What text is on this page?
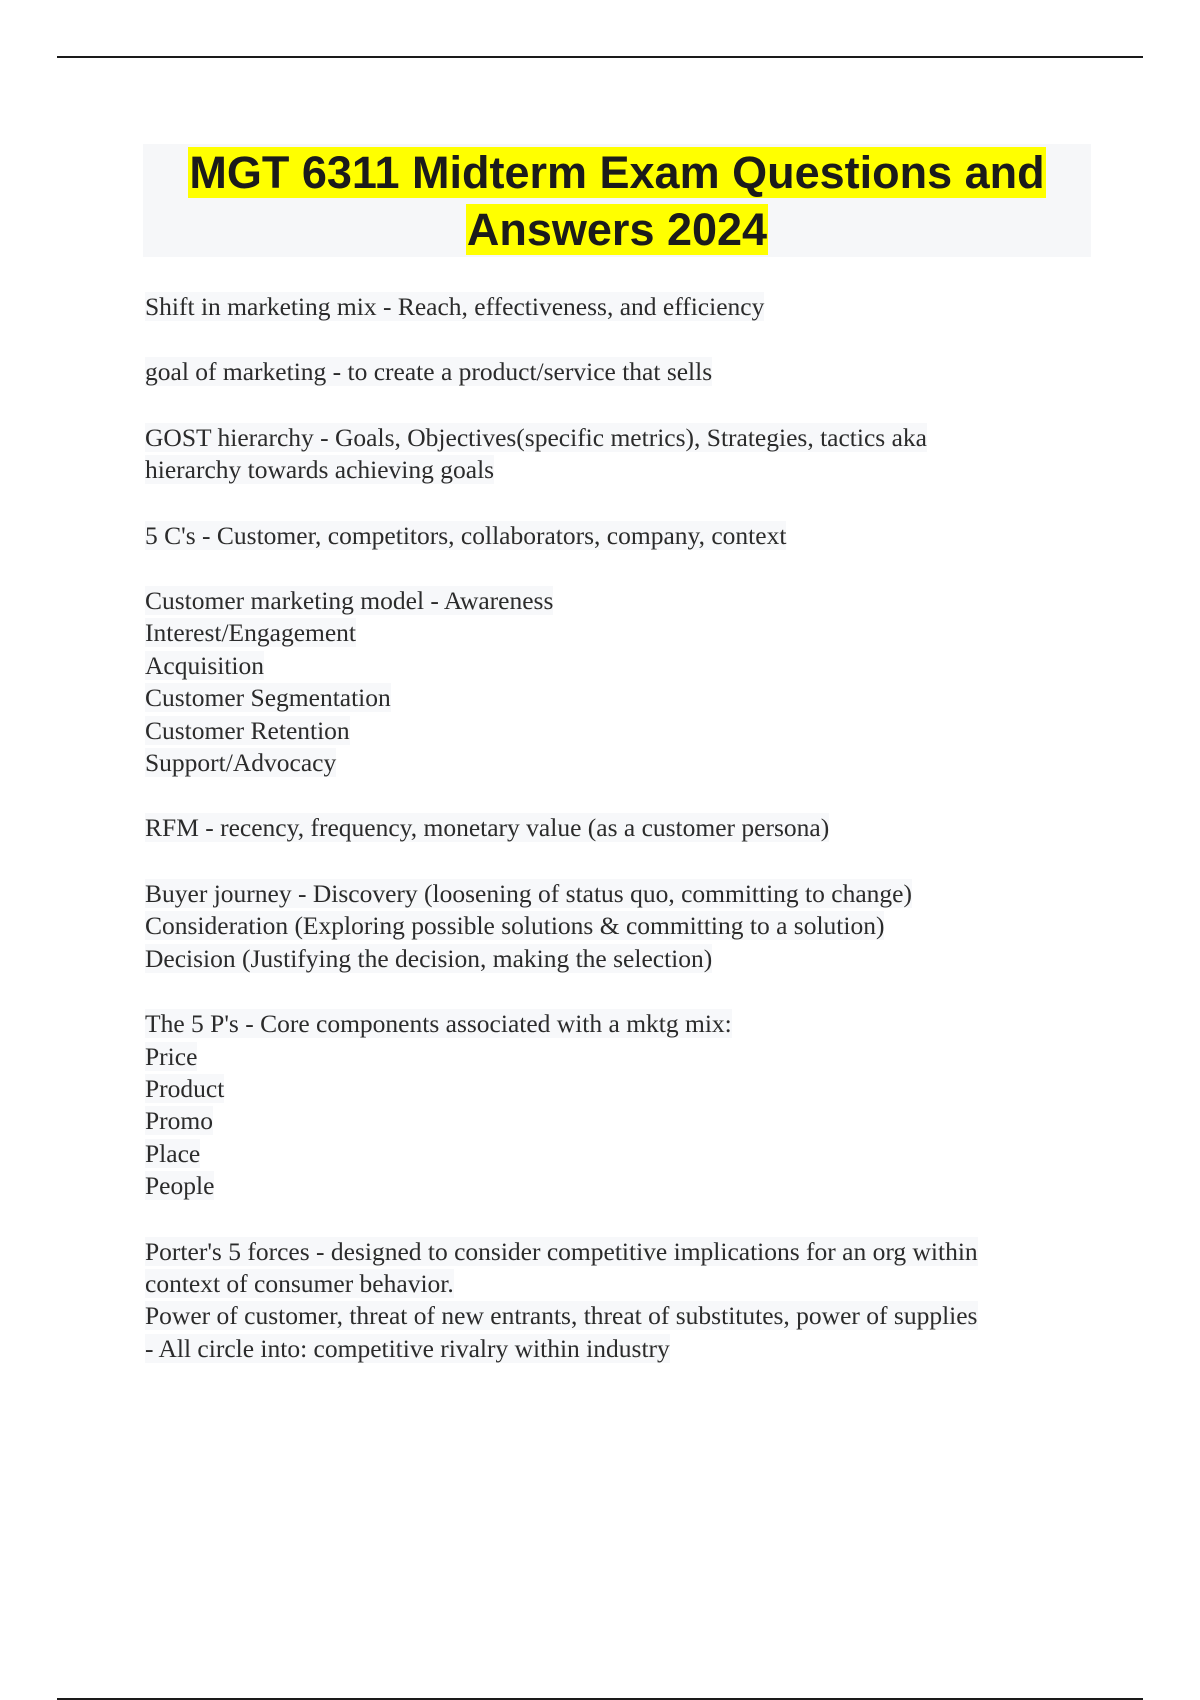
MGT 6311 Midterm Exam Questions and
Answers 2024
Shift in marketing mix - Reach, effectiveness, and efficiency
goal of marketing - to create a product/service that sells
GOST hierarchy - Goals, Objectives(specific metrics), Strategies, tactics aka
hierarchy towards achieving goals
5 C's - Customer, competitors, collaborators, company, context
Customer marketing model - Awareness
Interest/Engagement
Acquisition
Customer Segmentation
Customer Retention
Support/Advocacy
RFM - recency, frequency, monetary value (as a customer persona)
Buyer journey - Discovery (loosening of status quo, committing to change)
Consideration (Exploring possible solutions & committing to a solution)
Decision (Justifying the decision, making the selection)
The 5 P's - Core components associated with a mktg mix:
Price
Product
Promo
Place
People
Porter's 5 forces - designed to consider competitive implications for an org within
context of consumer behavior.
Power of customer, threat of new entrants, threat of substitutes, power of supplies
- All circle into: competitive rivalry within industry
